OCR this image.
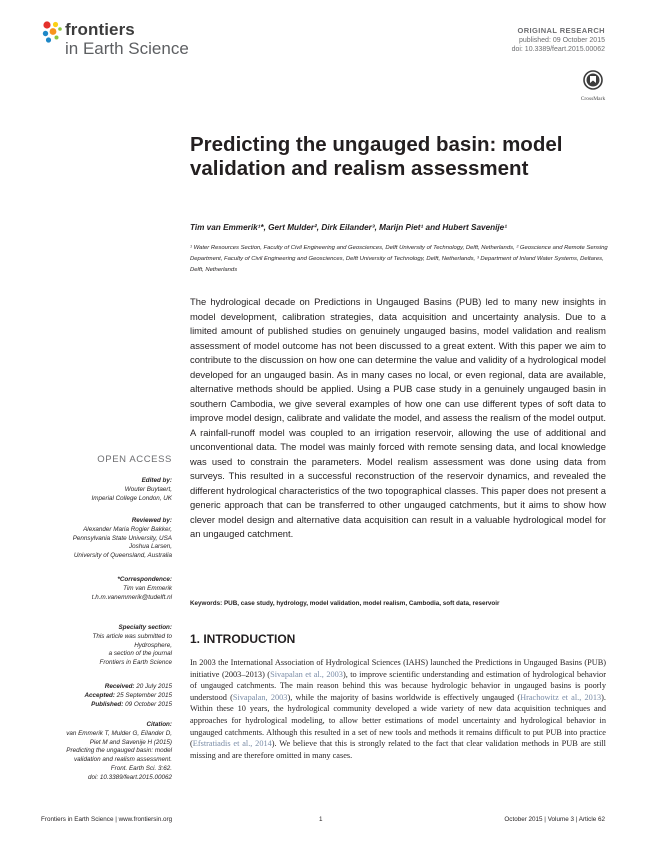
frontiers
in Earth Science
ORIGINAL RESEARCH
published: 09 October 2015
doi: 10.3389/feart.2015.00062
CrossMark
Predicting the ungauged basin: model validation and realism assessment
Tim van Emmerik¹*, Gert Mulder², Dirk Eilander³, Marijn Piet¹ and Hubert Savenije¹
¹ Water Resources Section, Faculty of Civil Engineering and Geosciences, Delft University of Technology, Delft, Netherlands, ² Geoscience and Remote Sensing Department, Faculty of Civil Engineering and Geosciences, Delft University of Technology, Delft, Netherlands, ³ Department of Inland Water Systems, Deltares, Delft, Netherlands

The hydrological decade on Predictions in Ungauged Basins (PUB) led to many new insights in model development, calibration strategies, data acquisition and uncertainty analysis. Due to a limited amount of published studies on genuinely ungauged basins, model validation and realism assessment of model outcome has not been discussed to a great extent. With this paper we aim to contribute to the discussion on how one can determine the value and validity of a hydrological model developed for an ungauged basin. As in many cases no local, or even regional, data are available, alternative methods should be applied. Using a PUB case study in a genuinely ungauged basin in southern Cambodia, we give several examples of how one can use different types of soft data to improve model design, calibrate and validate the model, and assess the realism of the model output. A rainfall-runoff model was coupled to an irrigation reservoir, allowing the use of additional and unconventional data. The model was mainly forced with remote sensing data, and local knowledge was used to constrain the parameters. Model realism assessment was done using data from surveys. This resulted in a successful reconstruction of the reservoir dynamics, and revealed the different hydrological characteristics of the two topographical classes. This paper does not present a generic approach that can be transferred to other ungauged catchments, but it aims to show how clever model design and alternative data acquisition can result in a valuable hydrological model for an ungauged catchment.

Keywords: PUB, case study, hydrology, model validation, model realism, Cambodia, soft data, reservoir
OPEN ACCESS
Edited by:
Wouter Buytaert,
Imperial College London, UK
Reviewed by:
Alexander Maria Rogier Bakker,
Pennsylvania State University, USA
Joshua Larsen,
University of Queensland, Australia
*Correspondence:
Tim van Emmerik
t.h.m.vanemmerik@tudelft.nl
Specialty section:
This article was submitted to
Hydrosphere,
a section of the journal
Frontiers in Earth Science
Received: 20 July 2015
Accepted: 25 September 2015
Published: 09 October 2015
Citation:
van Emmerik T, Mulder G, Eilander D,
Piet M and Savenije H (2015)
Predicting the ungauged basin: model
validation and realism assessment.
Front. Earth Sci. 3:62.
doi: 10.3389/feart.2015.00062
1. INTRODUCTION

In 2003 the International Association of Hydrological Sciences (IAHS) launched the Predictions in Ungauged Basins (PUB) initiative (2003–2013) (Sivapalan et al., 2003), to improve scientific understanding and estimation of hydrological behavior of ungauged catchments. The main reason behind this was because hydrologic behavior in ungauged basins is poorly understood (Sivapalan, 2003), while the majority of basins worldwide is effectively ungauged (Hrachowitz et al., 2013). Within these 10 years, the hydrological community developed a wide variety of new data acquisition techniques and approaches for hydrological modeling, to allow better estimations of model uncertainty and hydrological behavior in ungauged catchments. Although this resulted in a set of new tools and methods it remains difficult to put PUB into practice (Efstratiadis et al., 2014). We believe that this is strongly related to the fact that clear validation methods in PUB are still missing and are therefore omitted in many cases.

Frontiers in Earth Science | www.frontiersin.org	1	October 2015 | Volume 3 | Article 62
